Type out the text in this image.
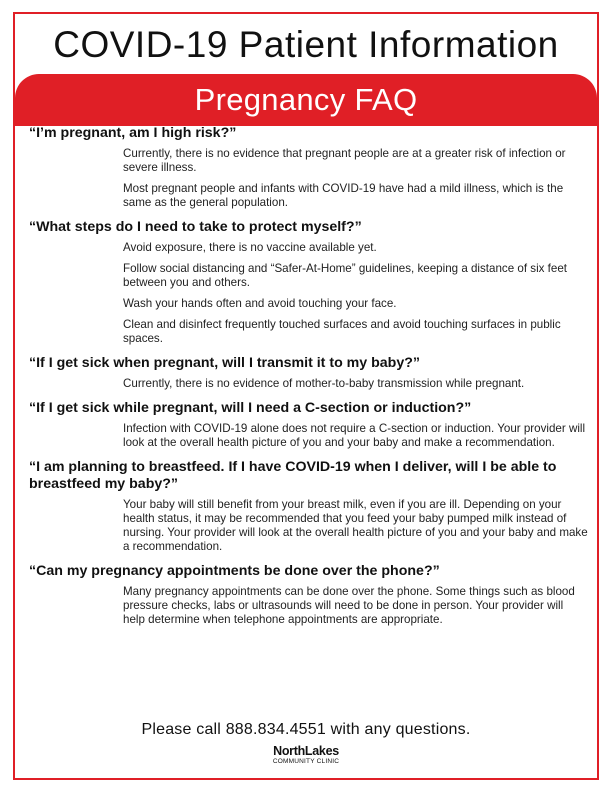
COVID-19 Patient Information
Pregnancy FAQ
“I’m pregnant, am I high risk?”

Currently, there is no evidence that pregnant people are at a greater risk of infection or severe illness.

Most pregnant people and infants with COVID-19 have had a mild illness, which is the same as the general population.

“What steps do I need to take to protect myself?”

Avoid exposure, there is no vaccine available yet.

Follow social distancing and “Safer-At-Home” guidelines, keeping a distance of six feet between you and others.

Wash your hands often and avoid touching your face.

Clean and disinfect frequently touched surfaces and avoid touching surfaces in public spaces.

“If I get sick when pregnant, will I transmit it to my baby?”

Currently, there is no evidence of mother-to-baby transmission while pregnant.

“If I get sick while pregnant, will I need a C-section or induction?”

Infection with COVID-19 alone does not require a C-section or induction. Your provider will look at the overall health picture of you and your baby and make a recommendation.

“I am planning to breastfeed. If I have COVID-19 when I deliver, will I be able to breastfeed my baby?”

Your baby will still benefit from your breast milk, even if you are ill. Depending on your health status, it may be recommended that you feed your baby pumped milk instead of nursing. Your provider will look at the overall health picture of you and your baby and make a recommendation.

“Can my pregnancy appointments be done over the phone?”

Many pregnancy appointments can be done over the phone. Some things such as blood pressure checks, labs or ultrasounds will need to be done in person. Your provider will help determine when telephone appointments are appropriate.

Please call 888.834.4551 with any questions.
NorthLakes
COMMUNITY CLINIC
